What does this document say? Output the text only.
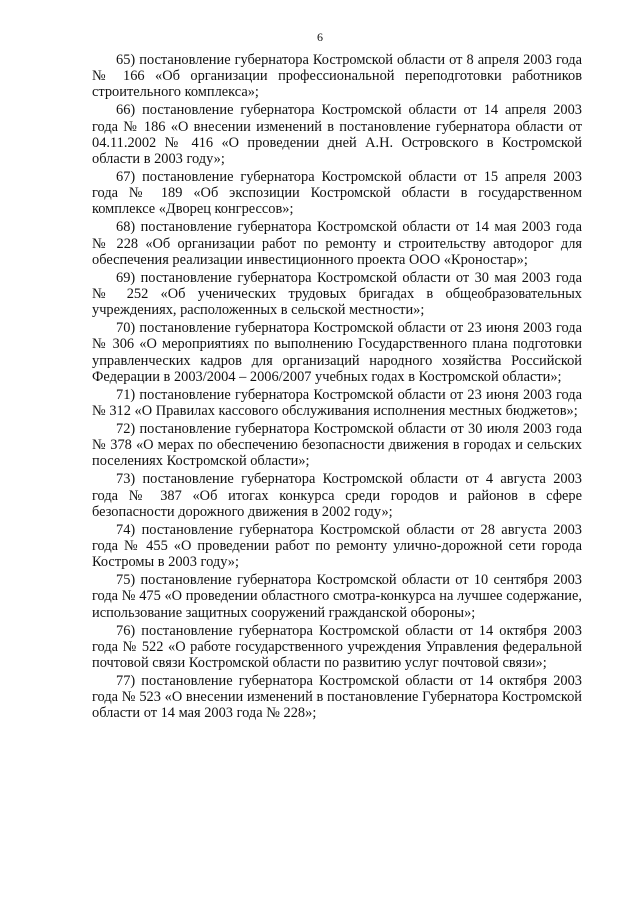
6

65) постановление губернатора Костромской области от 8 апреля 2003 года № 166 «Об организации профессиональной переподготовки работников строительного комплекса»;

66) постановление губернатора Костромской области от 14 апреля 2003 года № 186 «О внесении изменений в постановление губернатора области от 04.11.2002 № 416 «О проведении дней А.Н. Островского в Костромской области в 2003 году»;

67) постановление губернатора Костромской области от 15 апреля 2003 года № 189 «Об экспозиции Костромской области в государственном комплексе «Дворец конгрессов»;

68) постановление губернатора Костромской области от 14 мая 2003 года № 228 «Об организации работ по ремонту и строительству автодорог для обеспечения реализации инвестиционного проекта ООО «Кроностар»;

69) постановление губернатора Костромской области от 30 мая 2003 года № 252 «Об ученических трудовых бригадах в общеобразовательных учреждениях, расположенных в сельской местности»;

70) постановление губернатора Костромской области от 23 июня 2003 года № 306 «О мероприятиях по выполнению Государственного плана подготовки управленческих кадров для организаций народного хозяйства Российской Федерации в 2003/2004 – 2006/2007 учебных годах в Костромской области»;

71) постановление губернатора Костромской области от 23 июня 2003 года № 312 «О Правилах кассового обслуживания исполнения местных бюджетов»;

72) постановление губернатора Костромской области от 30 июля 2003 года № 378 «О мерах по обеспечению безопасности движения в городах и сельских поселениях Костромской области»;

73) постановление губернатора Костромской области от 4 августа 2003 года № 387 «Об итогах конкурса среди городов и районов в сфере безопасности дорожного движения в 2002 году»;

74) постановление губернатора Костромской области от 28 августа 2003 года № 455 «О проведении работ по ремонту улично-дорожной сети города Костромы в 2003 году»;

75) постановление губернатора Костромской области от 10 сентября 2003 года № 475 «О проведении областного смотра-конкурса на лучшее содержание, использование защитных сооружений гражданской обороны»;

76) постановление губернатора Костромской области от 14 октября 2003 года № 522 «О работе государственного учреждения Управления федеральной почтовой связи Костромской области по развитию услуг почтовой связи»;

77) постановление губернатора Костромской области от 14 октября 2003 года № 523 «О внесении изменений в постановление Губернатора Костромской области от 14 мая 2003 года № 228»;
